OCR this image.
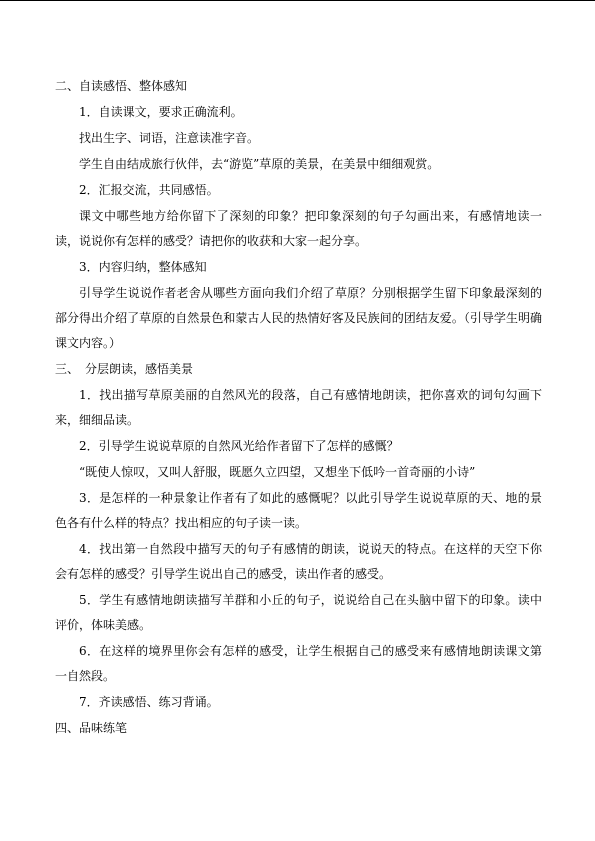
二、自读感悟、整体感知

1．自读课文，要求正确流利。

找出生字、词语，注意读准字音。

学生自由结成旅行伙伴，去“游览”草原的美景，在美景中细细观赏。

2．汇报交流，共同感悟。

课文中哪些地方给你留下了深刻的印象？把印象深刻的句子勾画出来，有感情地读一读，说说你有怎样的感受？请把你的收获和大家一起分享。

3．内容归纳，整体感知

引导学生说说作者老舍从哪些方面向我们介绍了草原？分别根据学生留下印象最深刻的部分得出介绍了草原的自然景色和蒙古人民的热情好客及民族间的团结友爱。（引导学生明确课文内容。）

三、　分层朗读，感悟美景

1．找出描写草原美丽的自然风光的段落，自己有感情地朗读，把你喜欢的词句勾画下来，细细品读。

2．引导学生说说草原的自然风光给作者留下了怎样的感慨？

“既使人惊叹，又叫人舒服，既愿久立四望，又想坐下低吟一首奇丽的小诗”

3．是怎样的一种景象让作者有了如此的感慨呢？以此引导学生说说草原的天、地的景色各有什么样的特点？找出相应的句子读一读。

4．找出第一自然段中描写天的句子有感情的朗读，说说天的特点。在这样的天空下你会有怎样的感受？引导学生说出自己的感受，读出作者的感受。

5．学生有感情地朗读描写羊群和小丘的句子，说说给自己在头脑中留下的印象。读中评价，体味美感。

6．在这样的境界里你会有怎样的感受，让学生根据自己的感受来有感情地朗读课文第一自然段。

7．齐读感悟、练习背诵。

四、品味练笔
